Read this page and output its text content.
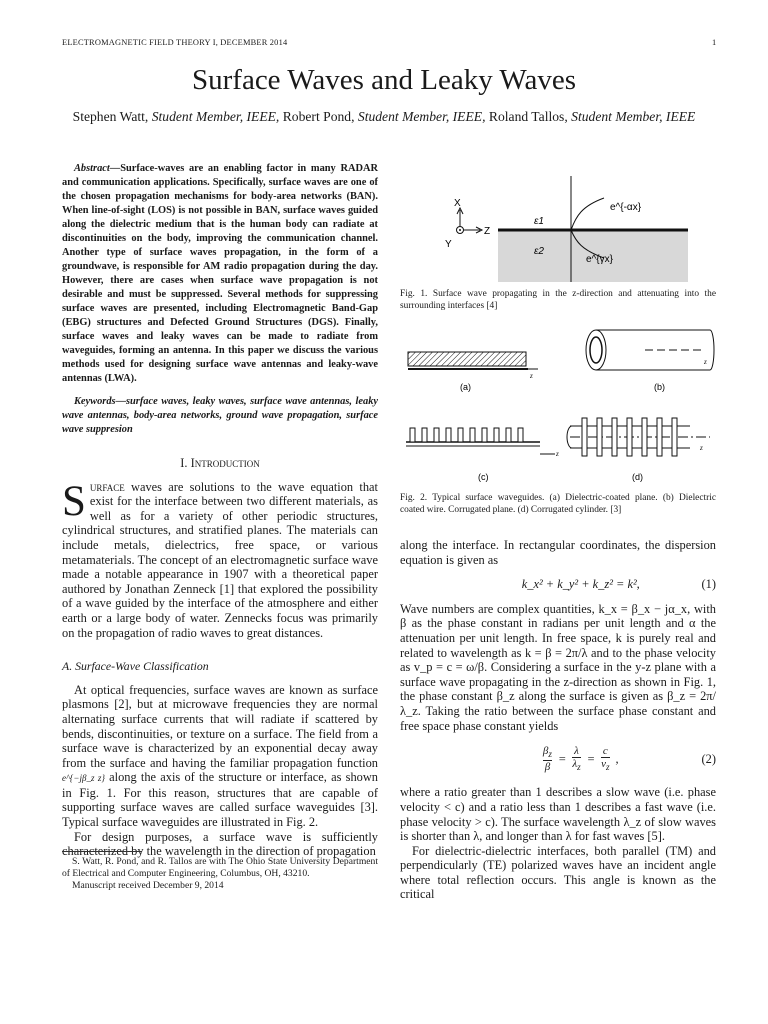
ELECTROMAGNETIC FIELD THEORY I, DECEMBER 2014	1
Surface Waves and Leaky Waves
Stephen Watt, Student Member, IEEE, Robert Pond, Student Member, IEEE, Roland Tallos, Student Member, IEEE

Abstract—Surface-waves are an enabling factor in many RADAR and communication applications. Specifically, surface waves are one of the chosen propagation mechanisms for body-area networks (BAN). When line-of-sight (LOS) is not possible in BAN, surface waves guided along the dielectric medium that is the human body can radiate at discontinuities on the body, improving the communication channel. Another type of surface waves propagation, in the form of a groundwave, is responsible for AM radio propagation during the day. However, there are cases when surface wave propagation is not desirable and must be suppressed. Several methods for suppressing surface waves are presented, including Electromagnetic Band-Gap (EBG) structures and Defected Ground Structures (DGS). Finally, surface waves and leaky waves can be made to radiate from waveguides, forming an antenna. In this paper we discuss the various methods used for designing surface wave antennas and leaky-wave antennas (LWA).

Keywords—surface waves, leaky waves, surface wave antennas, leaky wave antennas, body-area networks, ground wave propagation, surface wave suppresion

I. Introduction

Surface waves are solutions to the wave equation that exist for the interface between two different materials, as well as for a variety of other periodic structures, cylindrical structures, and stratified planes. The materials can include metals, dielectrics, free space, or various metamaterials. The concept of an electromagnetic surface wave made a notable appearance in 1907 with a theoretical paper authored by Jonathan Zenneck [1] that explored the possibility of a wave guided by the interface of the atmosphere and either earth or a large body of water. Zennecks focus was primarily on the propagation of radio waves to great distances.

A. Surface-Wave Classification

At optical frequencies, surface waves are known as surface plasmons [2], but at microwave frequencies they are normal alternating surface currents that will radiate if scattered by bends, discontinuities, or texture on a surface. The field from a surface wave is characterized by an exponential decay away from the surface and having the familiar propagation function e^{−jβ_z z} along the axis of the structure or interface, as shown in Fig. 1. For this reason, structures that are capable of supporting surface waves are called surface waveguides [3]. Typical surface waveguides are illustrated in Fig. 2.

For design purposes, a surface wave is sufficiently characterized by the wavelength in the direction of propagation

S. Watt, R. Pond, and R. Tallos are with The Ohio State University Department of Electrical and Computer Engineering, Columbus, OH, 43210.

Manuscript received December 9, 2014

X
Z
Y
ε1
ε2
e^{-αx}
e^{γx}

Fig. 1. Surface wave propagating in the z-direction and attenuating into the surrounding interfaces [4]

z
(a)
z
(b)
z
(c)
z
(d)

Fig. 2. Typical surface waveguides. (a) Dielectric-coated plane. (b) Dielectric coated wire. Corrugated plane. (d) Corrugated cylinder. [3]

along the interface. In rectangular coordinates, the dispersion equation is given as

k_x² + k_y² + k_z² = k²,	(1)

Wave numbers are complex quantities, k_x = β_x − jα_x, with β as the phase constant in radians per unit length and α the attenuation per unit length. In free space, k is purely real and related to wavelength as k = β = 2π/λ and to the phase velocity as v_p = c = ω/β. Considering a surface in the y-z plane with a surface wave propagating in the z-direction as shown in Fig. 1, the phase constant β_z along the surface is given as β_z = 2π/λ_z. Taking the ratio between the surface phase constant and free space phase constant yields

$\frac{\beta_z}{\beta} = \frac{\lambda}{\lambda_z} = \frac{c}{v_z}$ ,	(2)

where a ratio greater than 1 describes a slow wave (i.e. phase velocity < c) and a ratio less than 1 describes a fast wave (i.e. phase velocity > c). The surface wavelength λ_z of slow waves is shorter than λ, and longer than λ for fast waves [5].

For dielectric-dielectric interfaces, both parallel (TM) and perpendicularly (TE) polarized waves have an incident angle where total reflection occurs. This angle is known as the critical
